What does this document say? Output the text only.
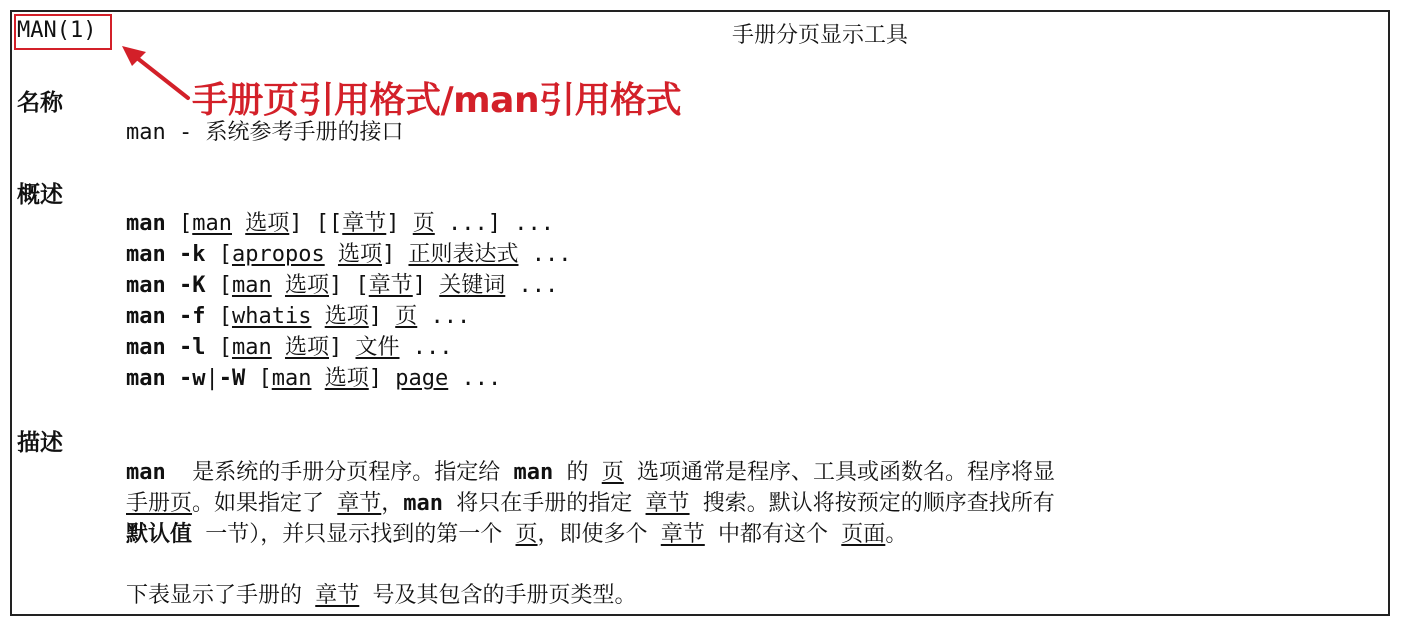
MAN(1)	手册分页显示工具
手册页引用格式/man引用格式
名称
man - 系统参考手册的接口
概述
man [man 选项] [[章节] 页 ...] ...
man -k [apropos 选项] 正则表达式 ...
man -K [man 选项] [章节] 关键词 ...
man -f [whatis 选项] 页 ...
man -l [man 选项] 文件 ...
man -w|-W [man 选项] page ...
描述
man  是系统的手册分页程序。指定给 man 的 页 选项通常是程序、工具或函数名。程序将显
手册页。如果指定了 章节，man 将只在手册的指定 章节 搜索。默认将按预定的顺序查找所有
默认值 一节），并只显示找到的第一个 页，即使多个 章节 中都有这个 页面。
下表显示了手册的 章节 号及其包含的手册页类型。
